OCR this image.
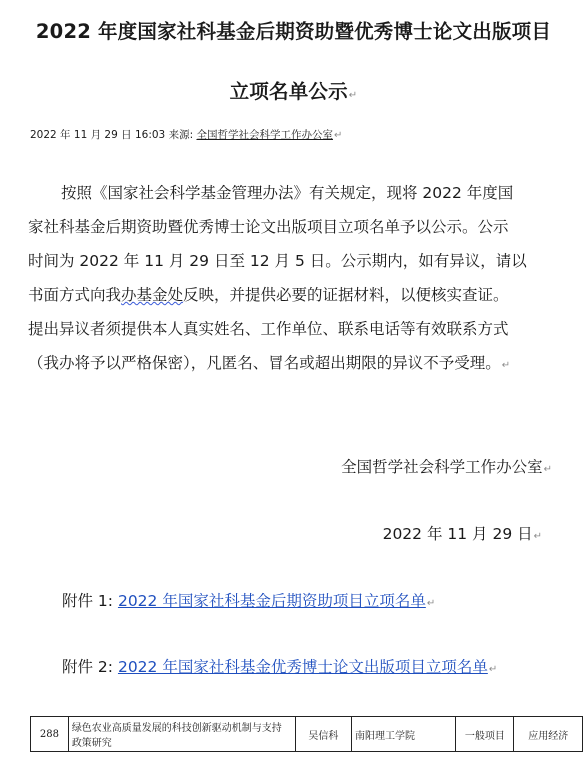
2022 年度国家社科基金后期资助暨优秀博士论文出版项目
立项名单公示↵
2022 年 11 月 29 日 16:03 来源: 全国哲学社会科学工作办公室↵
按照《国家社会科学基金管理办法》有关规定，现将 2022 年度国
家社科基金后期资助暨优秀博士论文出版项目立项名单予以公示。公示
时间为 2022 年 11 月 29 日至 12 月 5 日。公示期内，如有异议，请以
书面方式向我办基金处反映，并提供必要的证据材料，以便核实查证。
提出异议者须提供本人真实姓名、工作单位、联系电话等有效联系方式
（我办将予以严格保密），凡匿名、冒名或超出期限的异议不予受理。↵
全国哲学社会科学工作办公室↵
2022 年 11 月 29 日↵
附件 1: 2022 年国家社科基金后期资助项目立项名单↵
附件 2: 2022 年国家社科基金优秀博士论文出版项目立项名单↵
288	绿色农业高质量发展的科技创新驱动机制与支持政策研究	吴信科	南阳理工学院	一般项目	应用经济
